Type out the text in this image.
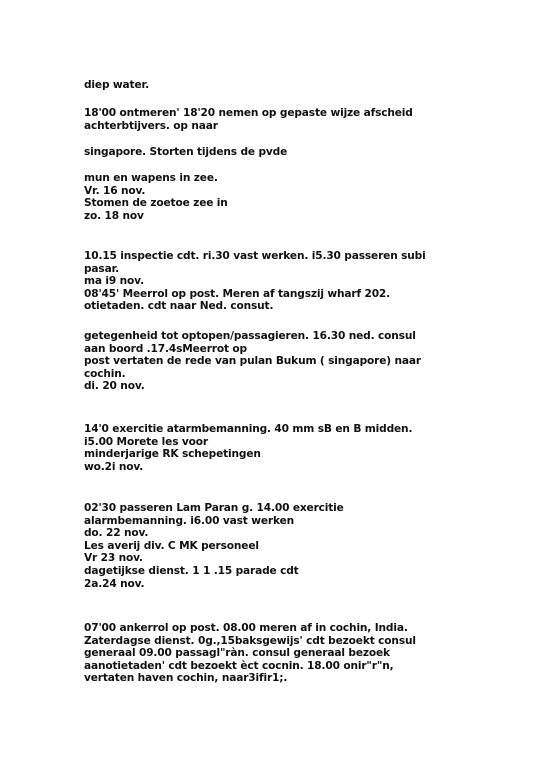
diep water.
18'00 ontmeren' 18'20 nemen op gepaste wijze afscheid
achterbtijvers. op naar
singapore. Storten tijdens de pvde
mun en wapens in zee.
Vr. 16 nov.
Stomen de zoetoe zee in
zo. 18 nov
10.15 inspectie cdt. ri.30 vast werken. i5.30 passeren subi
pasar.
ma i9 nov.
08'45' Meerrol op post. Meren af tangszij wharf 202.
otietaden. cdt naar Ned. consut.
getegenheid tot optopen/passagieren. 16.30 ned. consul
aan boord .17.4sMeerrot op
post vertaten de rede van pulan Bukum ( singapore) naar
cochin.
di. 20 nov.
14'0 exercitie atarmbemanning. 40 mm sB en B midden.
i5.00 Morete les voor
minderjarige RK schepetingen
wo.2i nov.
02'30 passeren Lam Paran g. 14.00 exercitie
alarmbemanning. i6.00 vast werken
do. 22 nov.
Les averij div. C MK personeel
Vr 23 nov.
dagetijkse dienst. 1 1 .15 parade cdt
2a.24 nov.
07'00 ankerrol op post. 08.00 meren af in cochin, India.
Zaterdagse dienst. 0g.,15baksgewijs' cdt bezoekt consul
generaal 09.00 passagl"ràn. consul generaal bezoek
aanotietaden' cdt bezoekt èct cocnin. 18.00 onir"r"n,
vertaten haven cochin, naar3ifir1;.
